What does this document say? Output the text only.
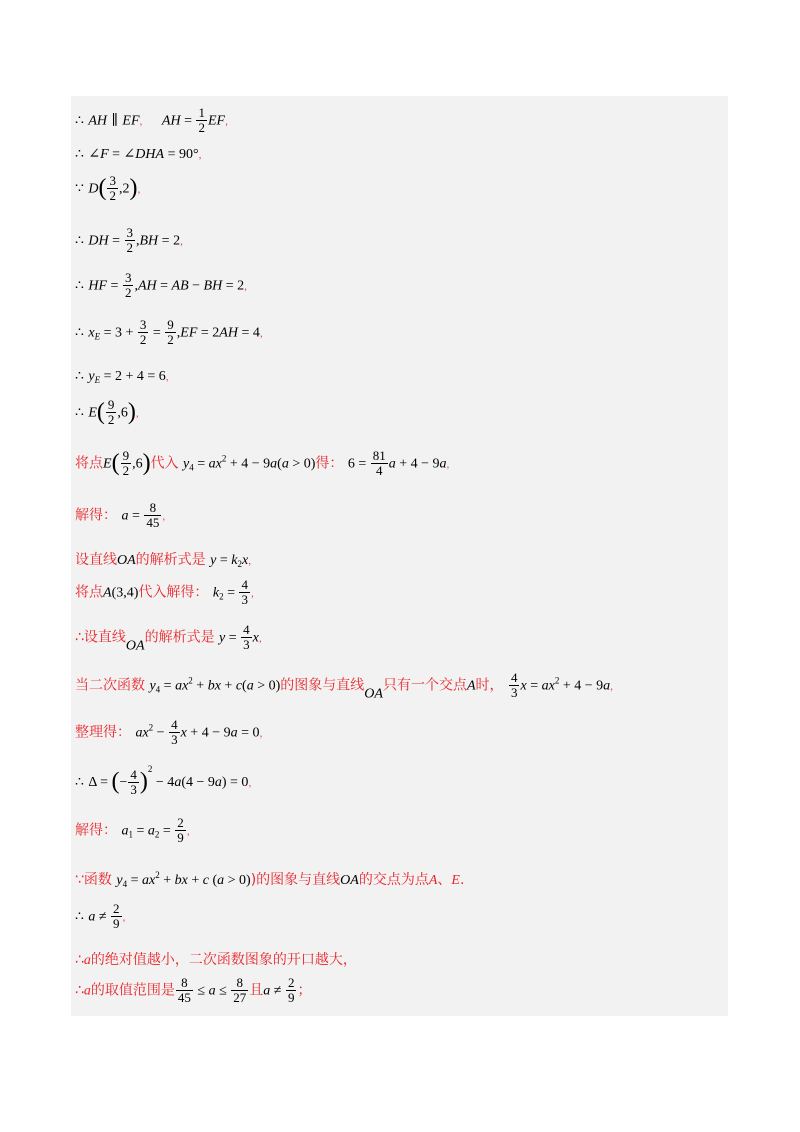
∴ AH ∥ EF， AH = $\frac{1}{2}$ EF，
∴ ∠F = ∠DHA = 90°，
∵ $D( \frac{3}{2} ,2)$，
∴ DH = $\frac{3}{2} ,BH = 2$，
∴ HF = $\frac{3}{2} ,AH$ = AB − BH = 2，
∴ $x_E = 3 + \frac{3}{2} = \frac{9}{2} ,EF = 2AH = 4$，
∴ $y_E = 2 + 4 = 6$，
∴ $E( \frac{9}{2} ,6)$，
将点$E( \frac{9}{2} ,6)$代入 $y_4 = ax^2 + 4 - 9a(a > 0)$得： $6 = \frac{81}{4}$ a + 4 − 9a，
解得： $a = \frac{8}{45}$ ，
设直线OA的解析式是 $y = k_2x$，
将点A(3,4)代入解得： $k_2 = \frac{4}{3}$ ，
∴设直线OA的解析式是 $y = \frac{4}{3}$ x，
当二次函数 $y_4 = ax^2$ + bx + c(a > 0)的图象与直线OA只有一个交点A时， $\frac{4}{3}$ $x = ax^2 + 4 - 9a$，
整理得： $ax^2 - \frac{4}{3}$ x + 4 − 9a = 0，
∴ Δ = (− $\frac{4}{3} )^2 - 4a(4 - 9a) = 0$，
解得： $a_1 = a_2 = \frac{2}{9}$ ，
∵函数 $y_4 = ax^2$ + bx + c (a > 0))的图象与直线OA的交点为点A、E.
∴ $a \ne \frac{2}{9}$ ，
∴a的绝对值越小，二次函数图象的开口越大，
∴a的取值范围是 $\frac{8}{45} \le a \le \frac{8}{27}$ 且$a \ne \frac{2}{9}$ ；
